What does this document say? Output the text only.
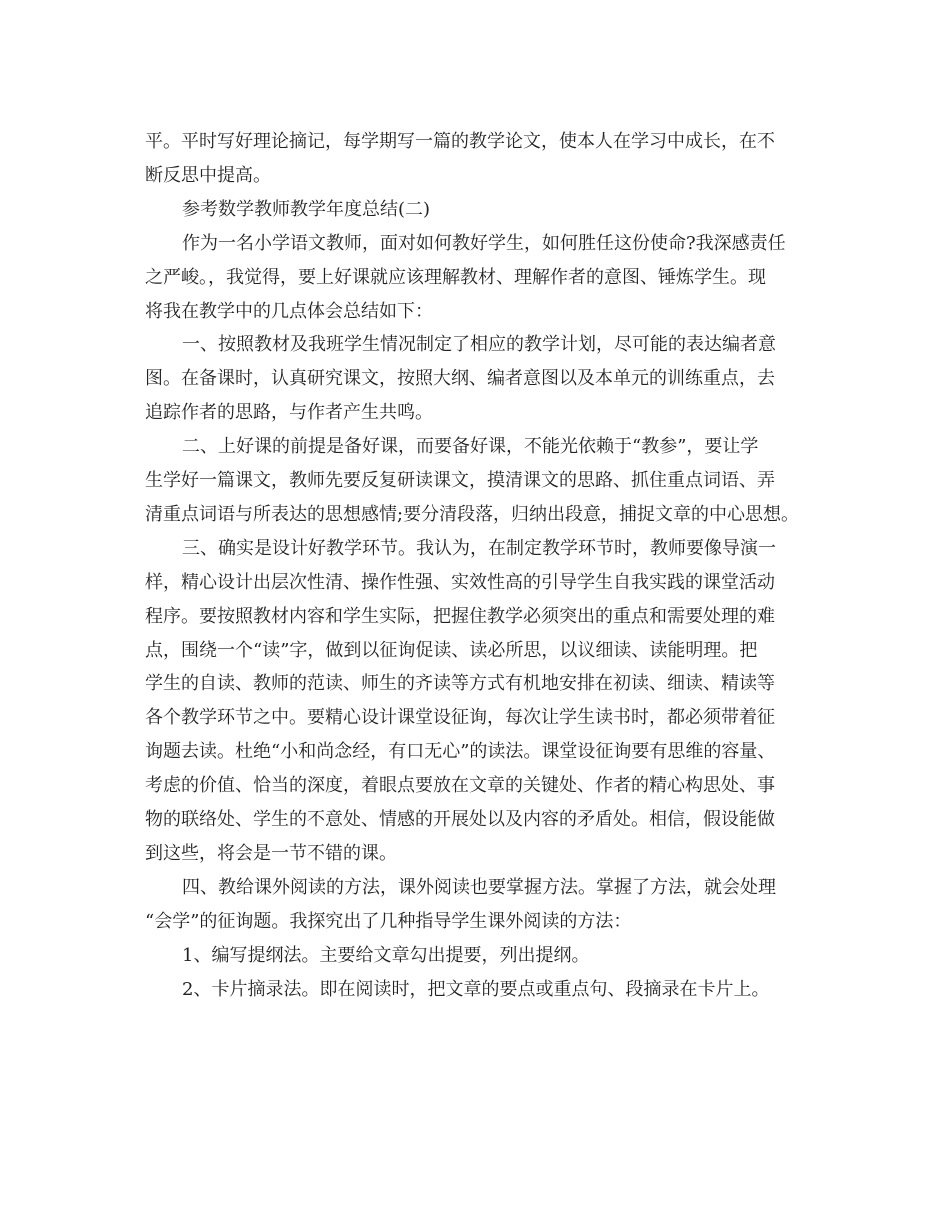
平。平时写好理论摘记，每学期写一篇的教学论文，使本人在学习中成长，在不
断反思中提高。
参考数学教师教学年度总结(二)
作为一名小学语文教师，面对如何教好学生，如何胜任这份使命?我深感责任
之严峻。，我觉得，要上好课就应该理解教材、理解作者的意图、锤炼学生。现
将我在教学中的几点体会总结如下：
一、按照教材及我班学生情况制定了相应的教学计划，尽可能的表达编者意
图。在备课时，认真研究课文，按照大纲、编者意图以及本单元的训练重点，去
追踪作者的思路，与作者产生共鸣。
二、上好课的前提是备好课，而要备好课，不能光依赖于“教参”，要让学
生学好一篇课文，教师先要反复研读课文，摸清课文的思路、抓住重点词语、弄
清重点词语与所表达的思想感情;要分清段落，归纳出段意，捕捉文章的中心思想。
三、确实是设计好教学环节。我认为，在制定教学环节时，教师要像导演一
样，精心设计出层次性清、操作性强、实效性高的引导学生自我实践的课堂活动
程序。要按照教材内容和学生实际，把握住教学必须突出的重点和需要处理的难
点，围绕一个“读”字，做到以征询促读、读必所思，以议细读、读能明理。把
学生的自读、教师的范读、师生的齐读等方式有机地安排在初读、细读、精读等
各个教学环节之中。要精心设计课堂设征询，每次让学生读书时，都必须带着征
询题去读。杜绝“小和尚念经，有口无心”的读法。课堂设征询要有思维的容量、
考虑的价值、恰当的深度，着眼点要放在文章的关键处、作者的精心构思处、事
物的联络处、学生的不意处、情感的开展处以及内容的矛盾处。相信，假设能做
到这些，将会是一节不错的课。
四、教给课外阅读的方法，课外阅读也要掌握方法。掌握了方法，就会处理
“会学”的征询题。我探究出了几种指导学生课外阅读的方法：
1、编写提纲法。主要给文章勾出提要，列出提纲。
2、卡片摘录法。即在阅读时，把文章的要点或重点句、段摘录在卡片上。
